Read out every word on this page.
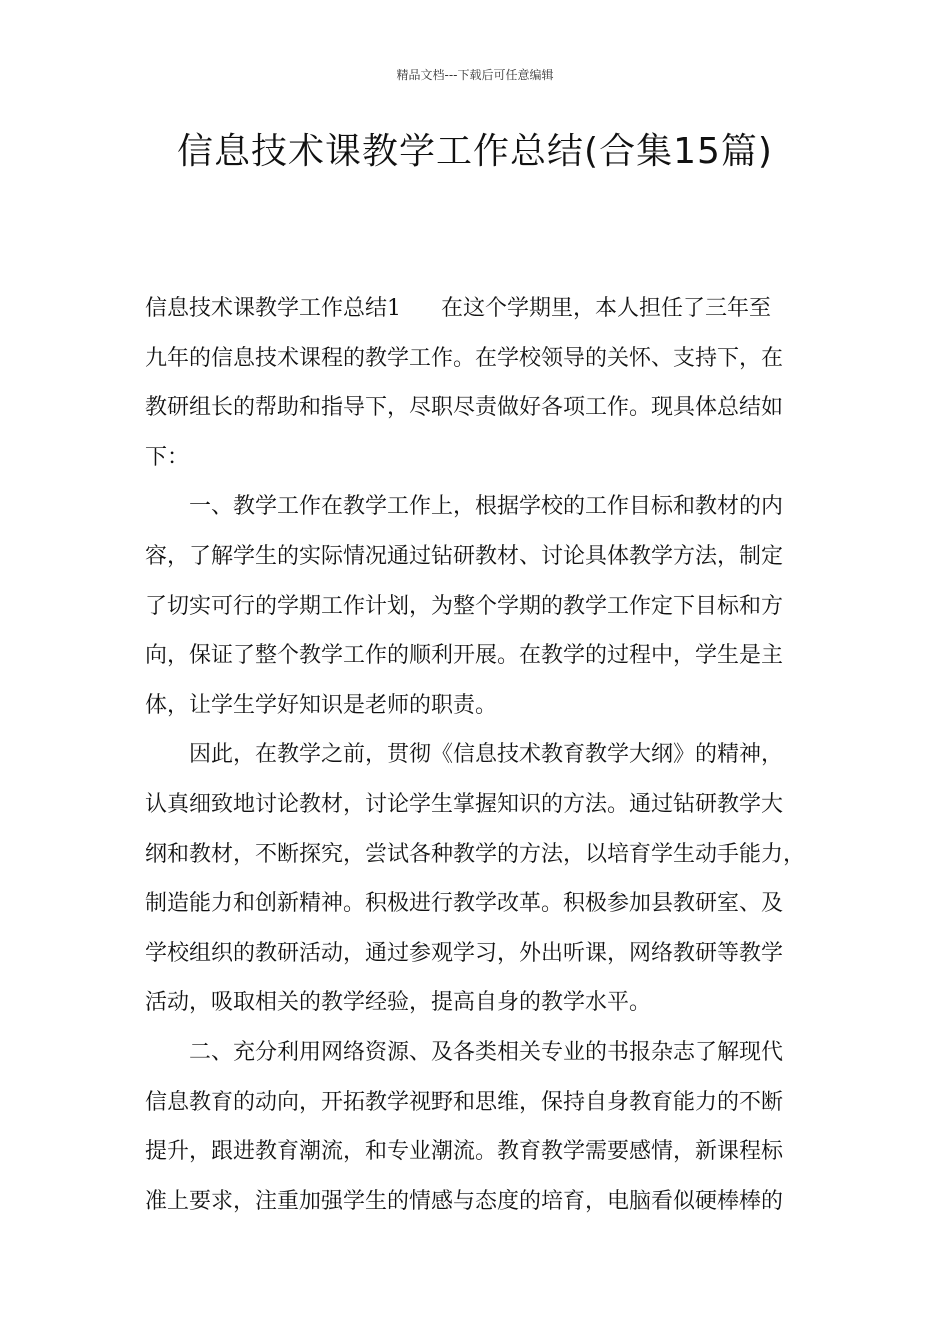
精品文档---下载后可任意编辑
信息技术课教学工作总结(合集15篇)
信息技术课教学工作总结1 在这个学期里，本人担任了三年至
九年的信息技术课程的教学工作。在学校领导的关怀、支持下，在
教研组长的帮助和指导下，尽职尽责做好各项工作。现具体总结如
下：
一、教学工作在教学工作上，根据学校的工作目标和教材的内
容，了解学生的实际情况通过钻研教材、讨论具体教学方法，制定
了切实可行的学期工作计划，为整个学期的教学工作定下目标和方
向，保证了整个教学工作的顺利开展。在教学的过程中，学生是主
体，让学生学好知识是老师的职责。
因此，在教学之前，贯彻《信息技术教育教学大纲》的精神，
认真细致地讨论教材，讨论学生掌握知识的方法。通过钻研教学大
纲和教材，不断探究，尝试各种教学的方法，以培育学生动手能力，
制造能力和创新精神。积极进行教学改革。积极参加县教研室、及
学校组织的教研活动，通过参观学习，外出听课，网络教研等教学
活动，吸取相关的教学经验，提高自身的教学水平。
二、充分利用网络资源、及各类相关专业的书报杂志了解现代
信息教育的动向，开拓教学视野和思维，保持自身教育能力的不断
提升，跟进教育潮流，和专业潮流。教育教学需要感情，新课程标
准上要求，注重加强学生的情感与态度的培育，电脑看似硬棒棒的
